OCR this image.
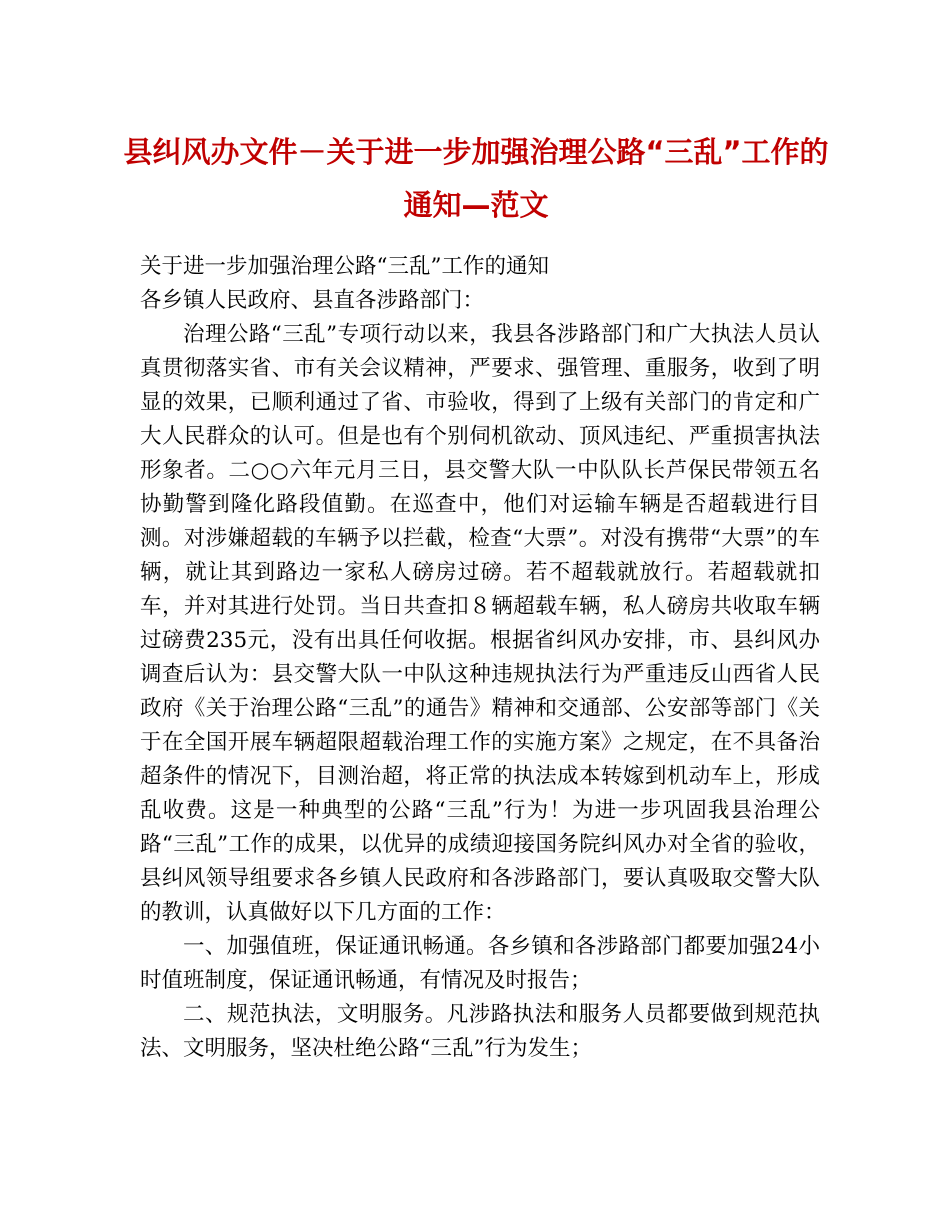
县纠风办文件－关于进一步加强治理公路“三乱”工作的通知—范文

关于进一步加强治理公路“三乱”工作的通知

各乡镇人民政府、县直各涉路部门：

治理公路“三乱”专项行动以来，我县各涉路部门和广大执法人员认真贯彻落实省、市有关会议精神，严要求、强管理、重服务，收到了明显的效果，已顺利通过了省、市验收，得到了上级有关部门的肯定和广大人民群众的认可。但是也有个别伺机欲动、顶风违纪、严重损害执法形象者。二○○六年元月三日，县交警大队一中队队长芦保民带领五名协勤警到隆化路段值勤。在巡查中，他们对运输车辆是否超载进行目测。对涉嫌超载的车辆予以拦截，检查“大票”。对没有携带“大票”的车辆，就让其到路边一家私人磅房过磅。若不超载就放行。若超载就扣车，并对其进行处罚。当日共查扣８辆超载车辆，私人磅房共收取车辆过磅费235元，没有出具任何收据。根据省纠风办安排，市、县纠风办调查后认为：县交警大队一中队这种违规执法行为严重违反山西省人民政府《关于治理公路“三乱”的通告》精神和交通部、公安部等部门《关于在全国开展车辆超限超载治理工作的实施方案》之规定，在不具备治超条件的情况下，目测治超，将正常的执法成本转嫁到机动车上，形成乱收费。这是一种典型的公路“三乱”行为！为进一步巩固我县治理公路“三乱”工作的成果，以优异的成绩迎接国务院纠风办对全省的验收，县纠风领导组要求各乡镇人民政府和各涉路部门，要认真吸取交警大队的教训，认真做好以下几方面的工作：

一、加强值班，保证通讯畅通。各乡镇和各涉路部门都要加强24小时值班制度，保证通讯畅通，有情况及时报告；

二、规范执法，文明服务。凡涉路执法和服务人员都要做到规范执法、文明服务，坚决杜绝公路“三乱”行为发生；
